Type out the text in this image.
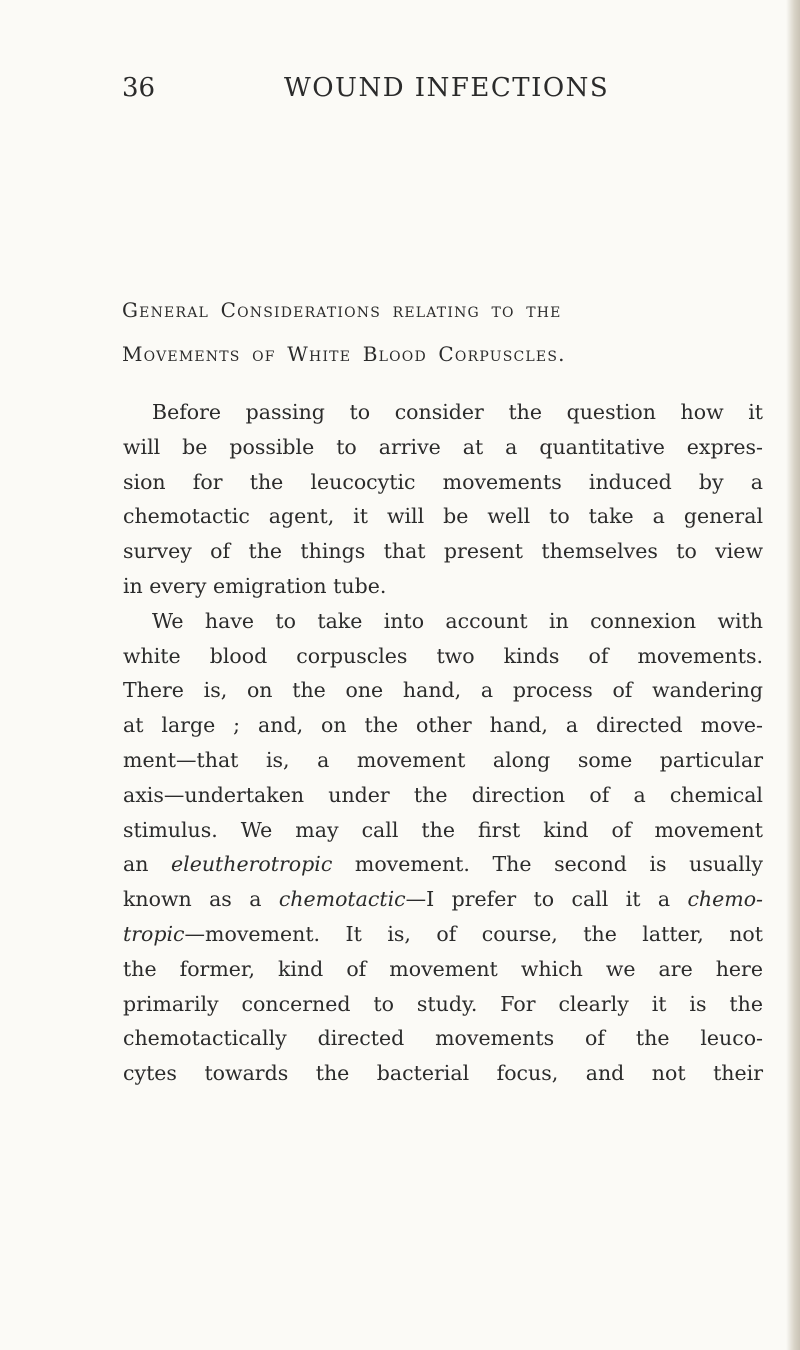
36	WOUND INFECTIONS
General Considerations relating to the
Movements of White Blood Corpuscles.
Before passing to consider the question how it
will be possible to arrive at a quantitative expres-
sion for the leucocytic movements induced by a
chemotactic agent, it will be well to take a general
survey of the things that present themselves to view
in every emigration tube.
We have to take into account in connexion with
white blood corpuscles two kinds of movements.
There is, on the one hand, a process of wandering
at large ; and, on the other hand, a directed move-
ment—that is, a movement along some particular
axis—undertaken under the direction of a chemical
stimulus. We may call the first kind of movement
an eleutherotropic movement. The second is usually
known as a chemotactic—I prefer to call it a chemo-
tropic—movement. It is, of course, the latter, not
the former, kind of movement which we are here
primarily concerned to study. For clearly it is the
chemotactically directed movements of the leuco-
cytes towards the bacterial focus, and not their
